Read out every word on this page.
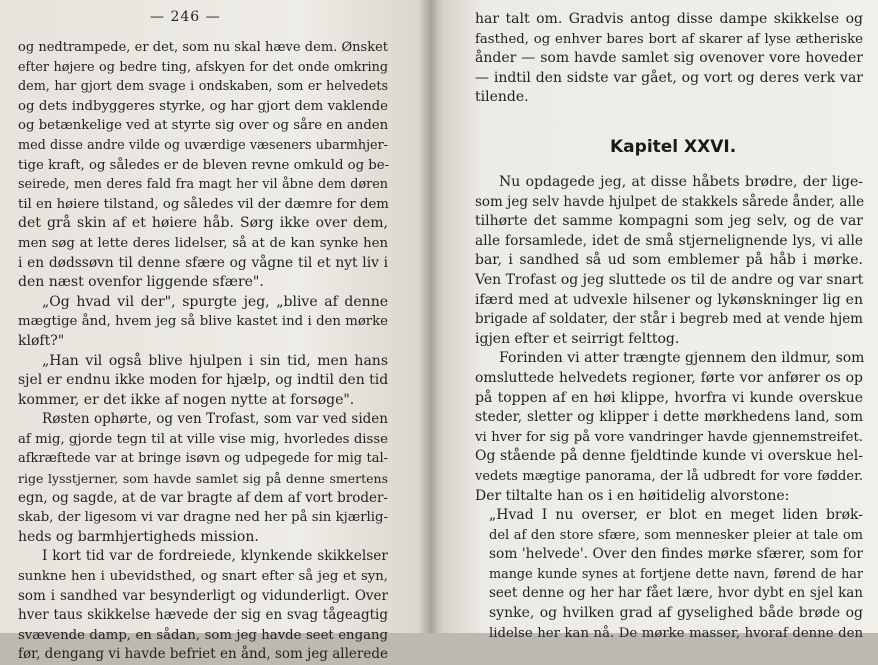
— 246 —
og nedtrampede, er det, som nu skal hæve dem. Ønsket
efter højere og bedre ting, afskyen for det onde omkring
dem, har gjort dem svage i ondskaben, som er helvedets
og dets indbyggeres styrke, og har gjort dem vaklende
og betænkelige ved at styrte sig over og såre en anden
med disse andre vilde og uværdige væseners ubarmhjer-
tige kraft, og således er de bleven revne omkuld og be-
seirede, men deres fald fra magt her vil åbne dem døren
til en høiere tilstand, og således vil der dæmre for dem
det grå skin af et høiere håb. Sørg ikke over dem,
men søg at lette deres lidelser, så at de kan synke hen
i en dødssøvn til denne sfære og vågne til et nyt liv i
den næst ovenfor liggende sfære".
„Og hvad vil der", spurgte jeg, „blive af denne
mægtige ånd, hvem jeg så blive kastet ind i den mørke
kløft?"
„Han vil også blive hjulpen i sin tid, men hans
sjel er endnu ikke moden for hjælp, og indtil den tid
kommer, er det ikke af nogen nytte at forsøge".
Røsten ophørte, og ven Trofast, som var ved siden
af mig, gjorde tegn til at ville vise mig, hvorledes disse
afkræftede var at bringe isøvn og udpegede for mig tal-
rige lysstjerner, som havde samlet sig på denne smertens
egn, og sagde, at de var bragte af dem af vort broder-
skab, der ligesom vi var dragne ned her på sin kjærlig-
heds og barmhjertigheds mission.
I kort tid var de fordreiede, klynkende skikkelser
sunkne hen i ubevidsthed, og snart efter så jeg et syn,
som i sandhed var besynderligt og vidunderligt. Over
hver taus skikkelse hævede der sig en svag tågeagtig
svævende damp, en sådan, som jeg havde seet engang
før, dengang vi havde befriet en ånd, som jeg allerede
har talt om. Gradvis antog disse dampe skikkelse og
fasthed, og enhver bares bort af skarer af lyse ætheriske
ånder — som havde samlet sig ovenover vore hoveder
— indtil den sidste var gået, og vort og deres verk var
tilende.
Kapitel XXVI.
Nu opdagede jeg, at disse håbets brødre, der lige-
som jeg selv havde hjulpet de stakkels sårede ånder, alle
tilhørte det samme kompagni som jeg selv, og de var
alle forsamlede, idet de små stjernelignende lys, vi alle
bar, i sandhed så ud som emblemer på håb i mørke.
Ven Trofast og jeg sluttede os til de andre og var snart
ifærd med at udvexle hilsener og lykønskninger lig en
brigade af soldater, der står i begreb med at vende hjem
igjen efter et seirrigt felttog.
Forinden vi atter trængte gjennem den ildmur, som
omsluttede helvedets regioner, førte vor anfører os op
på toppen af en høi klippe, hvorfra vi kunde overskue
steder, sletter og klipper i dette mørkhedens land, som
vi hver for sig på vore vandringer havde gjennemstreifet.
Og stående på denne fjeldtinde kunde vi overskue hel-
vedets mægtige panorama, der lå udbredt for vore fødder.
Der tiltalte han os i en høitidelig alvorstone:
„Hvad I nu overser, er blot en meget liden brøk-
del af den store sfære, som mennesker pleier at tale om
som 'helvede'. Over den findes mørke sfærer, som for
mange kunde synes at fortjene dette navn, førend de har
seet denne og her har fået lære, hvor dybt en sjel kan
synke, og hvilken grad af gyselighed både brøde og
lidelse her kan nå. De mørke masser, hvoraf denne den
